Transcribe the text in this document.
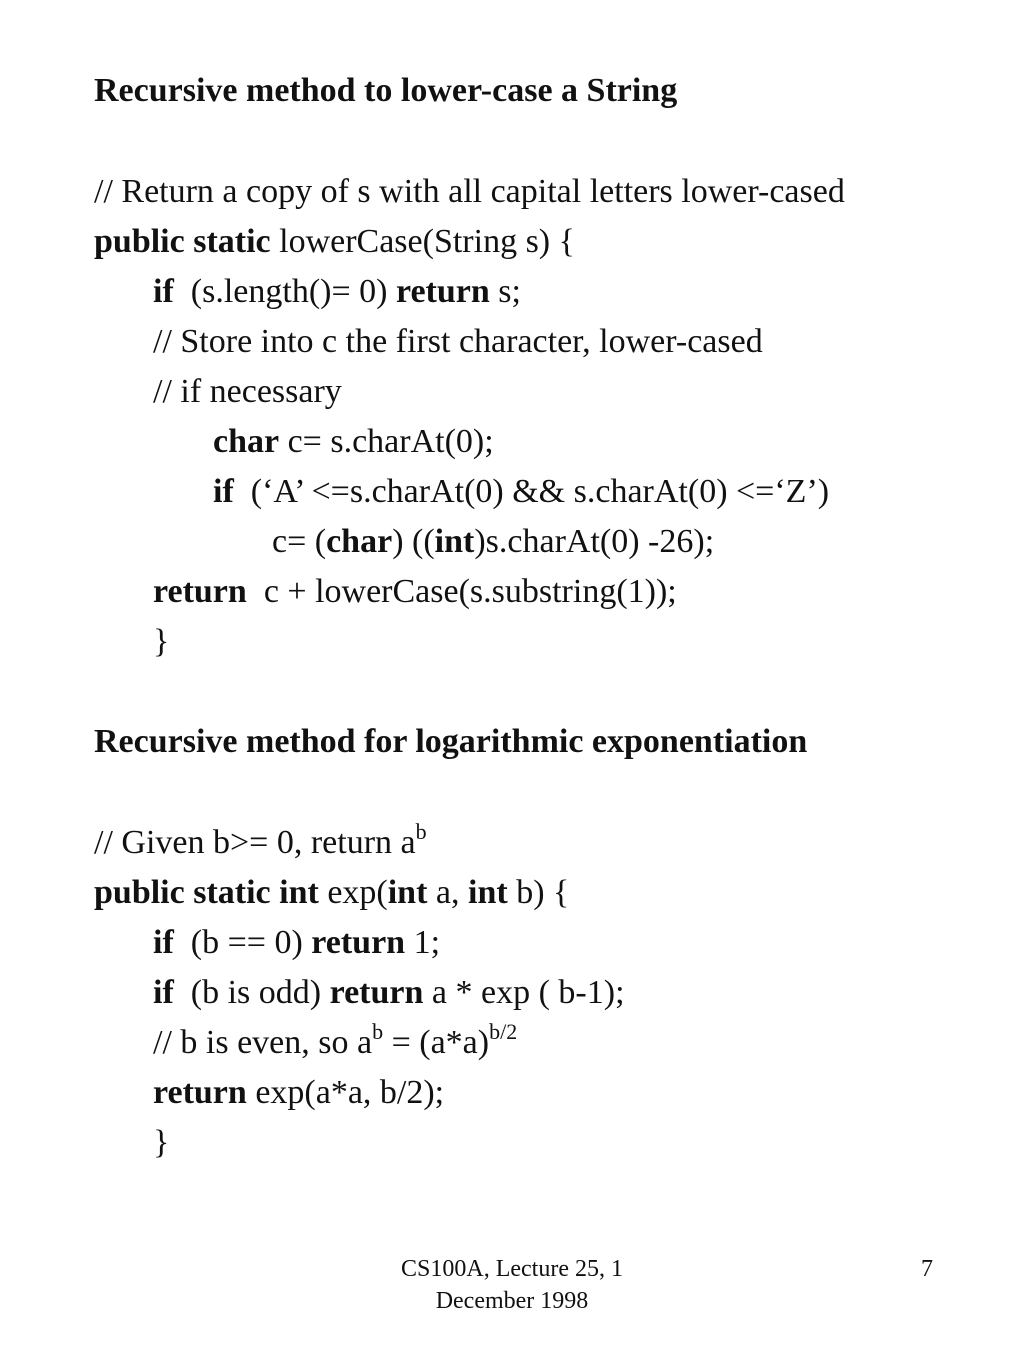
Recursive method to lower-case a String
// Return a copy of s with all capital letters lower-cased
public static lowerCase(String s) {
if  (s.length()= 0) return s;
// Store into c the first character, lower-cased
// if necessary
char c= s.charAt(0);
if  (‘A’ <=s.charAt(0) && s.charAt(0) <=‘Z’)
c= (char) ((int)s.charAt(0) -26);
return  c + lowerCase(s.substring(1));
}
Recursive method for logarithmic exponentiation
// Given b>= 0, return $a^b$
public static int exp(int a, int b) {
if  (b == 0) return 1;
if  (b is odd) return a * exp ( b-1);
// b is even, so $a^b = (a*a)^{b/2}$
return exp(a*a, b/2);
}
CS100A, Lecture 25, 1
December 1998
7
